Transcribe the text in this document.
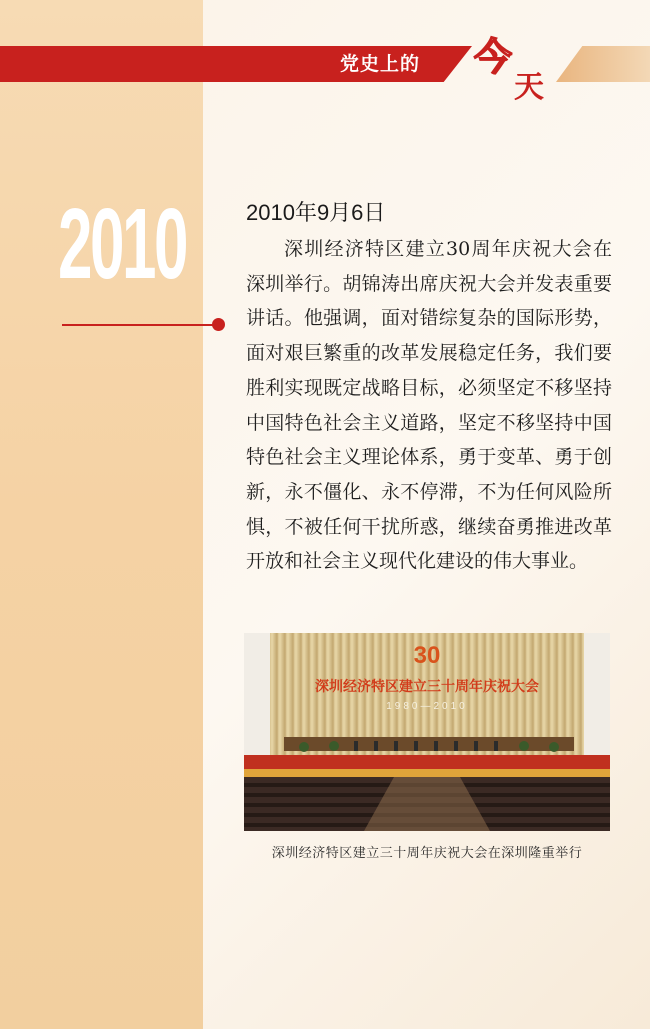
党史上的 今
天
2010	2010年9月6日

深圳经济特区建立30周年庆祝大会在深圳举行。胡锦涛出席庆祝大会并发表重要讲话。他强调，面对错综复杂的国际形势，面对艰巨繁重的改革发展稳定任务，我们要胜利实现既定战略目标，必须坚定不移坚持中国特色社会主义道路，坚定不移坚持中国特色社会主义理论体系，勇于变革、勇于创新，永不僵化、永不停滞，不为任何风险所惧，不被任何干扰所惑，继续奋勇推进改革开放和社会主义现代化建设的伟大事业。

30
深圳经济特区建立三十周年庆祝大会
1980—2010
深圳经济特区建立三十周年庆祝大会在深圳隆重举行
